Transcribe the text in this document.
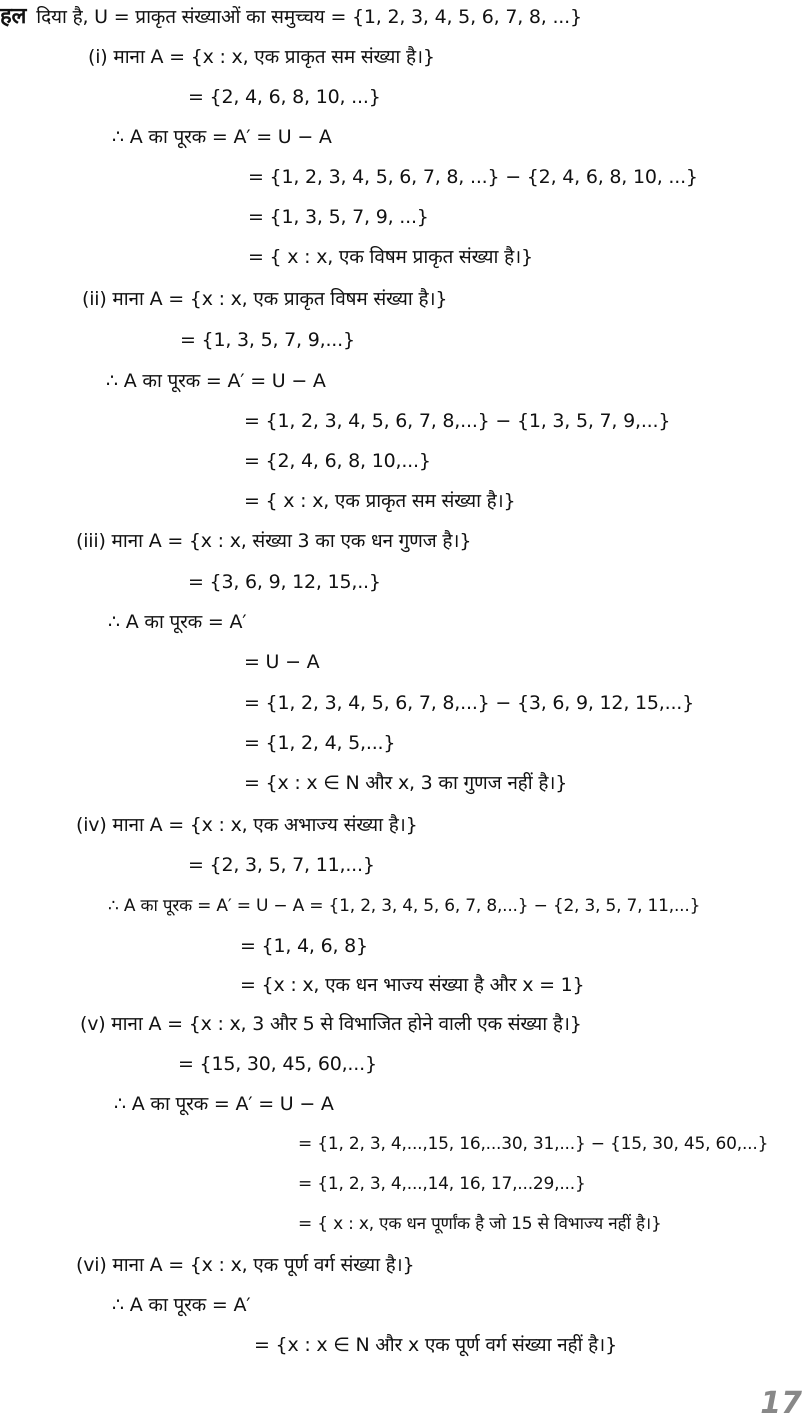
हल दिया है, U = प्राकृत संख्याओं का समुच्चय = {1, 2, 3, 4, 5, 6, 7, 8, ...}
(i) माना A = {x : x, एक प्राकृत सम संख्या है।}
= {2, 4, 6, 8, 10, ...}
∴ A का पूरक = A′ = U − A
= {1, 2, 3, 4, 5, 6, 7, 8, ...} − {2, 4, 6, 8, 10, ...}
= {1, 3, 5, 7, 9, ...}
= { x : x, एक विषम प्राकृत संख्या है।}
(ii) माना A = {x : x, एक प्राकृत विषम संख्या है।}
= {1, 3, 5, 7, 9,...}
∴ A का पूरक = A′ = U − A
= {1, 2, 3, 4, 5, 6, 7, 8,...} − {1, 3, 5, 7, 9,...}
= {2, 4, 6, 8, 10,...}
= { x : x, एक प्राकृत सम संख्या है।}
(iii) माना A = {x : x, संख्या 3 का एक धन गुणज है।}
= {3, 6, 9, 12, 15,..}
∴ A का पूरक = A′
= U − A
= {1, 2, 3, 4, 5, 6, 7, 8,...} − {3, 6, 9, 12, 15,...}
= {1, 2, 4, 5,...}
= {x : x ∈ N और x, 3 का गुणज नहीं है।}
(iv) माना A = {x : x, एक अभाज्य संख्या है।}
= {2, 3, 5, 7, 11,...}
∴ A का पूरक = A′ = U − A = {1, 2, 3, 4, 5, 6, 7, 8,...} − {2, 3, 5, 7, 11,...}
= {1, 4, 6, 8}
= {x : x, एक धन भाज्य संख्या है और x = 1}
(v) माना A = {x : x, 3 और 5 से विभाजित होने वाली एक संख्या है।}
= {15, 30, 45, 60,...}
∴ A का पूरक = A′ = U − A
= {1, 2, 3, 4,...,15, 16,...30, 31,...} − {15, 30, 45, 60,...}
= {1, 2, 3, 4,...,14, 16, 17,...29,...}
= { x : x, एक धन पूर्णांक है जो 15 से विभाज्य नहीं है।}
(vi) माना A = {x : x, एक पूर्ण वर्ग संख्या है।}
∴ A का पूरक = A′
= {x : x ∈ N और x एक पूर्ण वर्ग संख्या नहीं है।}
17
